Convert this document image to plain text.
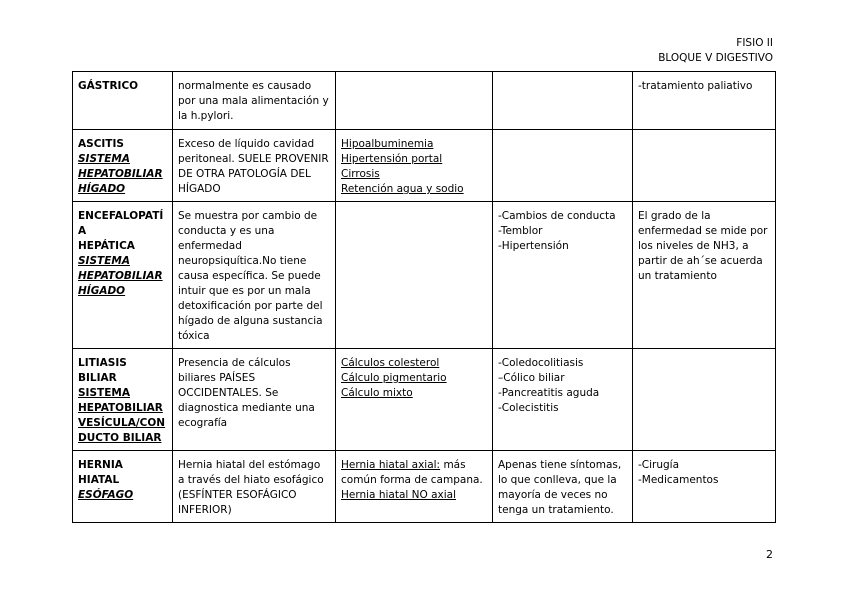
FISIO II
BLOQUE V DIGESTIVO
GÁSTRICO	normalmente es causado por una mala alimentación y la h.pylori.			-tratamiento paliativo

ASCITIS
SISTEMA
HEPATOBILIAR
HÍGADO	Exceso de líquido cavidad peritoneal. SUELE PROVENIR DE OTRA PATOLOGÍA DEL HÍGADO	Hipoalbuminemia
Hipertensión portal
Cirrosis
Retención agua y sodio		

ENCEFALOPATÍA
HEPÁTICA
SISTEMA
HEPATOBILIAR
HÍGADO	Se muestra por cambio de conducta y es una enfermedad neuropsiquítica.No tiene causa específica. Se puede intuir que es por un mala detoxificación por parte del hígado de alguna sustancia tóxica		-Cambios de conducta
-Temblor
-Hipertensión	El grado de la enfermedad se mide por los niveles de NH3, a partir de ah´se acuerda un tratamiento

LITIASIS BILIAR
SISTEMA
HEPATOBILIAR
VESÍCULA/CON
DUCTO BILIAR	Presencia de cálculos biliares PAÍSES OCCIDENTALES. Se diagnostica mediante una ecografía	Cálculos colesterol
Cálculo pigmentario
Cálculo mixto	-Coledocolitiasis
–Cólico biliar
-Pancreatitis aguda
-Colecistitis	

HERNIA HIATAL
ESÓFAGO	Hernia hiatal del estómago a través del hiato esofágico (ESFÍNTER ESOFÁGICO INFERIOR)	Hernia hiatal axial: más común forma de campana.
Hernia hiatal NO axial	Apenas tiene síntomas, lo que conlleva, que la mayoría de veces no tenga un tratamiento.	-Cirugía
-Medicamentos
2
